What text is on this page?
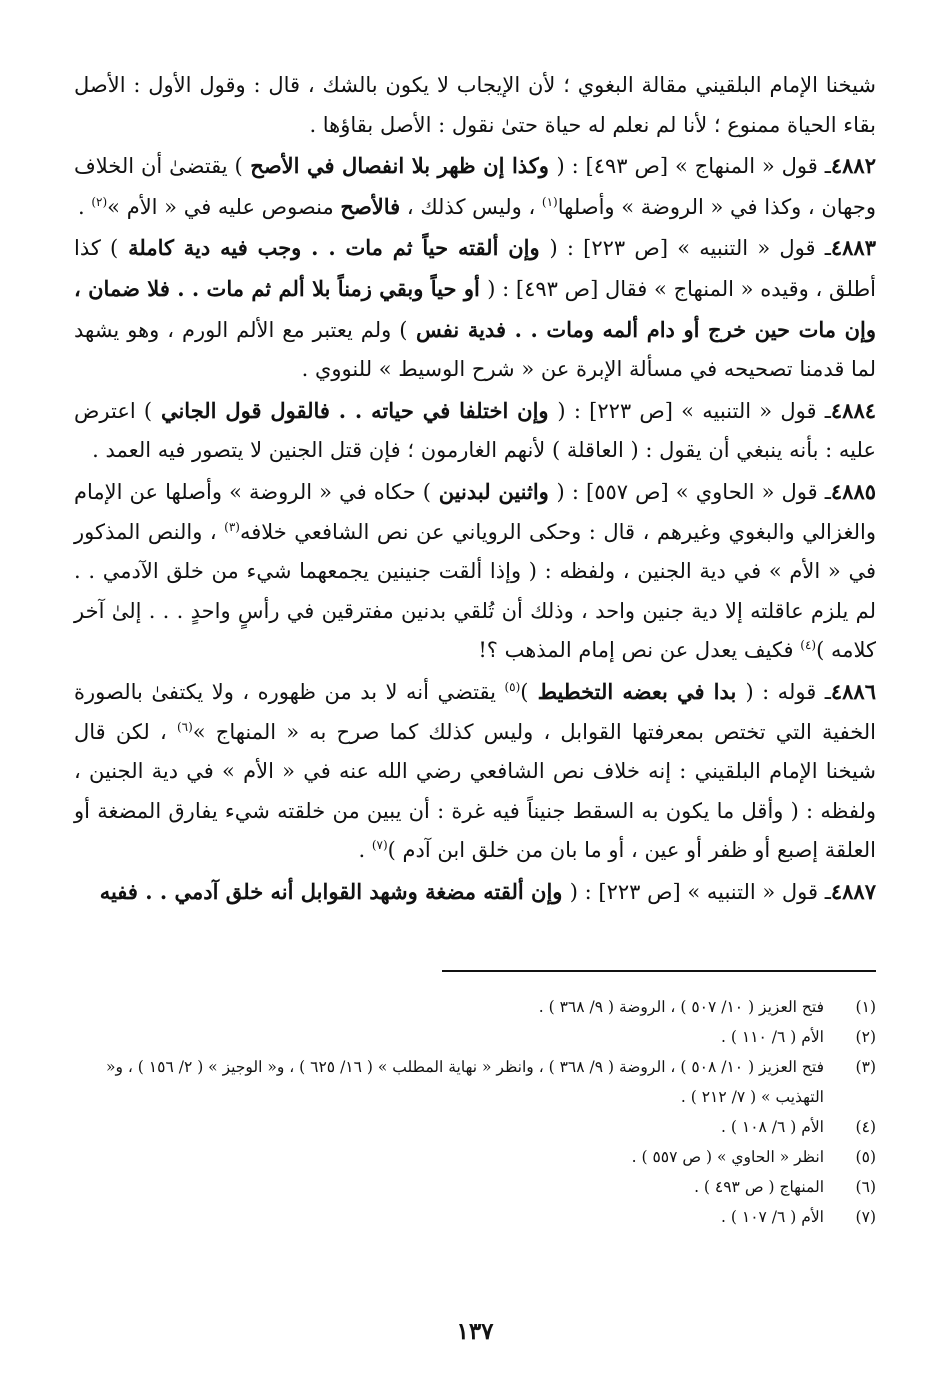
شيخنا الإمام البلقيني مقالة البغوي ؛ لأن الإيجاب لا يكون بالشك ، قال : وقول الأول : الأصل بقاء الحياة ممنوع ؛ لأنا لم نعلم له حياة حتىٰ نقول : الأصل بقاؤها .

٤٨٨٢ـ قول « المنهاج » [ص ٤٩٣] : ( وكذا إن ظهر بلا انفصال في الأصح ) يقتضىٰ أن الخلاف وجهان ، وكذا في « الروضة » وأصلها$^{(١)}$ ، وليس كذلك ، فالأصح منصوص عليه في « الأم »$^{(٢)}$ .

٤٨٨٣ـ قول « التنبيه » [ص ٢٢٣] : ( وإن ألقته حياً ثم مات . . وجب فيه دية كاملة ) كذا أطلق ، وقيده « المنهاج » فقال [ص ٤٩٣] : ( أو حياً وبقي زمناً بلا ألم ثم مات . . فلا ضمان ، وإن مات حين خرج أو دام ألمه ومات . . فدية نفس ) ولم يعتبر مع الألم الورم ، وهو يشهد لما قدمنا تصحيحه في مسألة الإبرة عن « شرح الوسيط » للنووي .

٤٨٨٤ـ قول « التنبيه » [ص ٢٢٣] : ( وإن اختلفا في حياته . . فالقول قول الجاني ) اعترض عليه : بأنه ينبغي أن يقول : ( العاقلة ) لأنهم الغارمون ؛ فإن قتل الجنين لا يتصور فيه العمد .

٤٨٨٥ـ قول « الحاوي » [ص ٥٥٧] : ( واثنين لبدنين ) حكاه في « الروضة » وأصلها عن الإمام والغزالي والبغوي وغيرهم ، قال : وحكى الروياني عن نص الشافعي خلافه$^{(٣)}$ ، والنص المذكور في « الأم » في دية الجنين ، ولفظه : ( وإذا ألقت جنينين يجمعهما شيء من خلق الآدمي . . لم يلزم عاقلته إلا دية جنين واحد ، وذلك أن تُلقي بدنين مفترقين في رأسٍ واحدٍ . . . إلىٰ آخر كلامه )$^{(٤)}$ فكيف يعدل عن نص إمام المذهب ؟!

٤٨٨٦ـ قوله : ( بدا في بعضه التخطيط )$^{(٥)}$ يقتضي أنه لا بد من ظهوره ، ولا يكتفىٰ بالصورة الخفية التي تختص بمعرفتها القوابل ، وليس كذلك كما صرح به « المنهاج »$^{(٦)}$ ، لكن قال شيخنا الإمام البلقيني : إنه خلاف نص الشافعي رضي الله عنه في « الأم » في دية الجنين ، ولفظه : ( وأقل ما يكون به السقط جنيناً فيه غرة : أن يبين من خلقته شيء يفارق المضغة أو العلقة إصبع أو ظفر أو عين ، أو ما بان من خلق ابن آدم )$^{(٧)}$ .

٤٨٨٧ـ قول « التنبيه » [ص ٢٢٣] : ( وإن ألقته مضغة وشهد القوابل أنه خلق آدمي . . ففيه

(١)
فتح العزيز ( ١٠/ ٥٠٧ ) ، الروضة ( ٩/ ٣٦٨ ) .
(٢)
الأم ( ٦/ ١١٠ ) .
(٣)
فتح العزيز ( ١٠/ ٥٠٨ ) ، الروضة ( ٩/ ٣٦٨ ) ، وانظر « نهاية المطلب » ( ١٦/ ٦٢٥ ) ، و« الوجيز » ( ٢/ ١٥٦ ) ، و« التهذيب » ( ٧/ ٢١٢ ) .
(٤)
الأم ( ٦/ ١٠٨ ) .
(٥)
انظر « الحاوي » ( ص ٥٥٧ ) .
(٦)
المنهاج ( ص ٤٩٣ ) .
(٧)
الأم ( ٦/ ١٠٧ ) .
١٣٧
